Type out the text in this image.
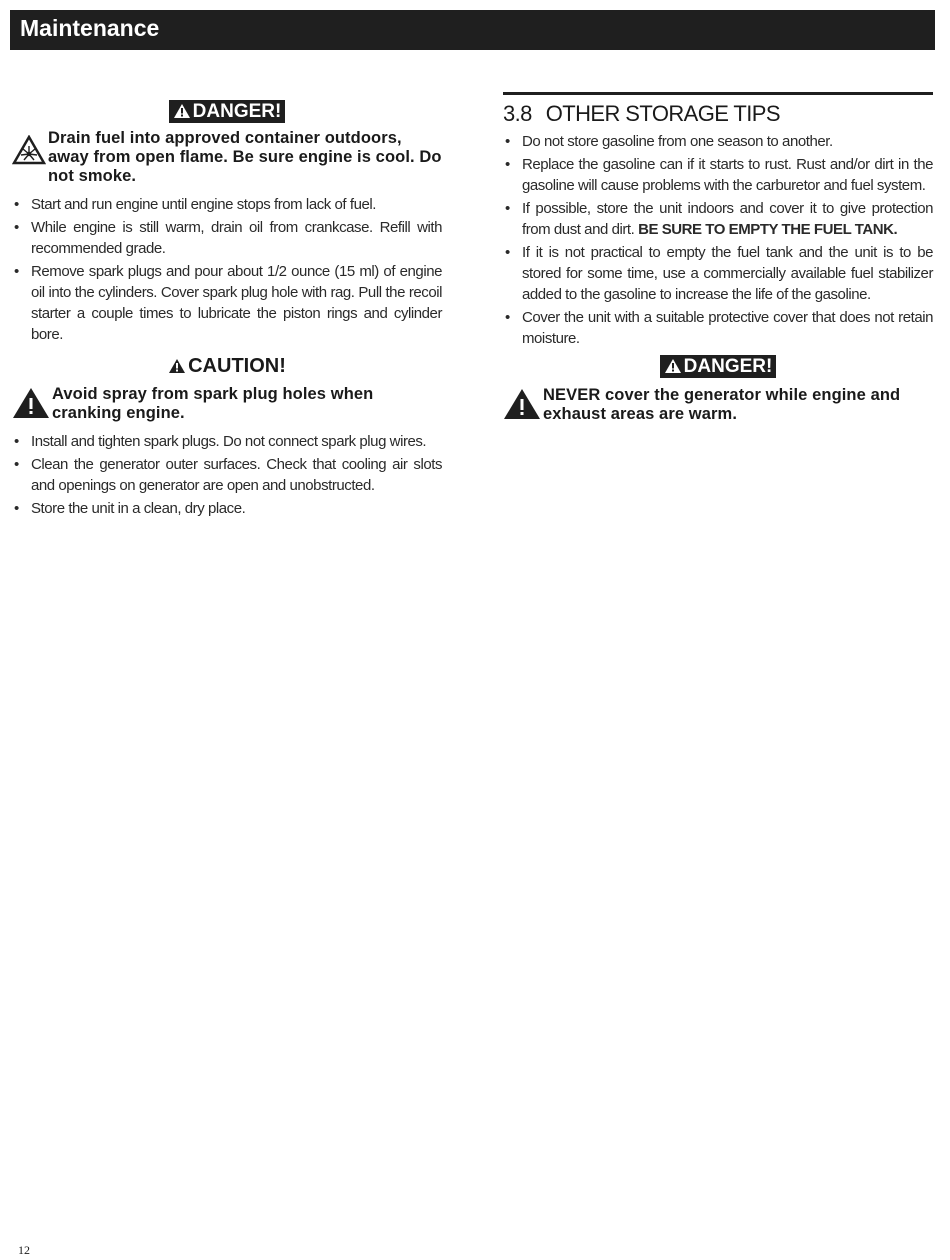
Maintenance
DANGER!
Drain fuel into approved container outdoors, away from open flame. Be sure engine is cool. Do not smoke.
• Start and run engine until engine stops from lack of fuel.
• While engine is still warm, drain oil from crankcase. Refill with recommended grade.
• Remove spark plugs and pour about 1/2 ounce (15 ml) of engine oil into the cylinders. Cover spark plug hole with rag. Pull the recoil starter a couple times to lubricate the piston rings and cylinder bore.
CAUTION!
Avoid spray from spark plug holes when cranking engine.
• Install and tighten spark plugs. Do not connect spark plug wires.
• Clean the generator outer surfaces. Check that cooling air slots and openings on generator are open and unobstructed.
• Store the unit in a clean, dry place.
3.8 OTHER STORAGE TIPS
• Do not store gasoline from one season to another.
• Replace the gasoline can if it starts to rust. Rust and/or dirt in the gasoline will cause problems with the carburetor and fuel system.
• If possible, store the unit indoors and cover it to give protection from dust and dirt. BE SURE TO EMPTY THE FUEL TANK.
• If it is not practical to empty the fuel tank and the unit is to be stored for some time, use a commercially available fuel stabilizer added to the gasoline to increase the life of the gasoline.
• Cover the unit with a suitable protective cover that does not retain moisture.
DANGER!
NEVER cover the generator while engine and exhaust areas are warm.
12
